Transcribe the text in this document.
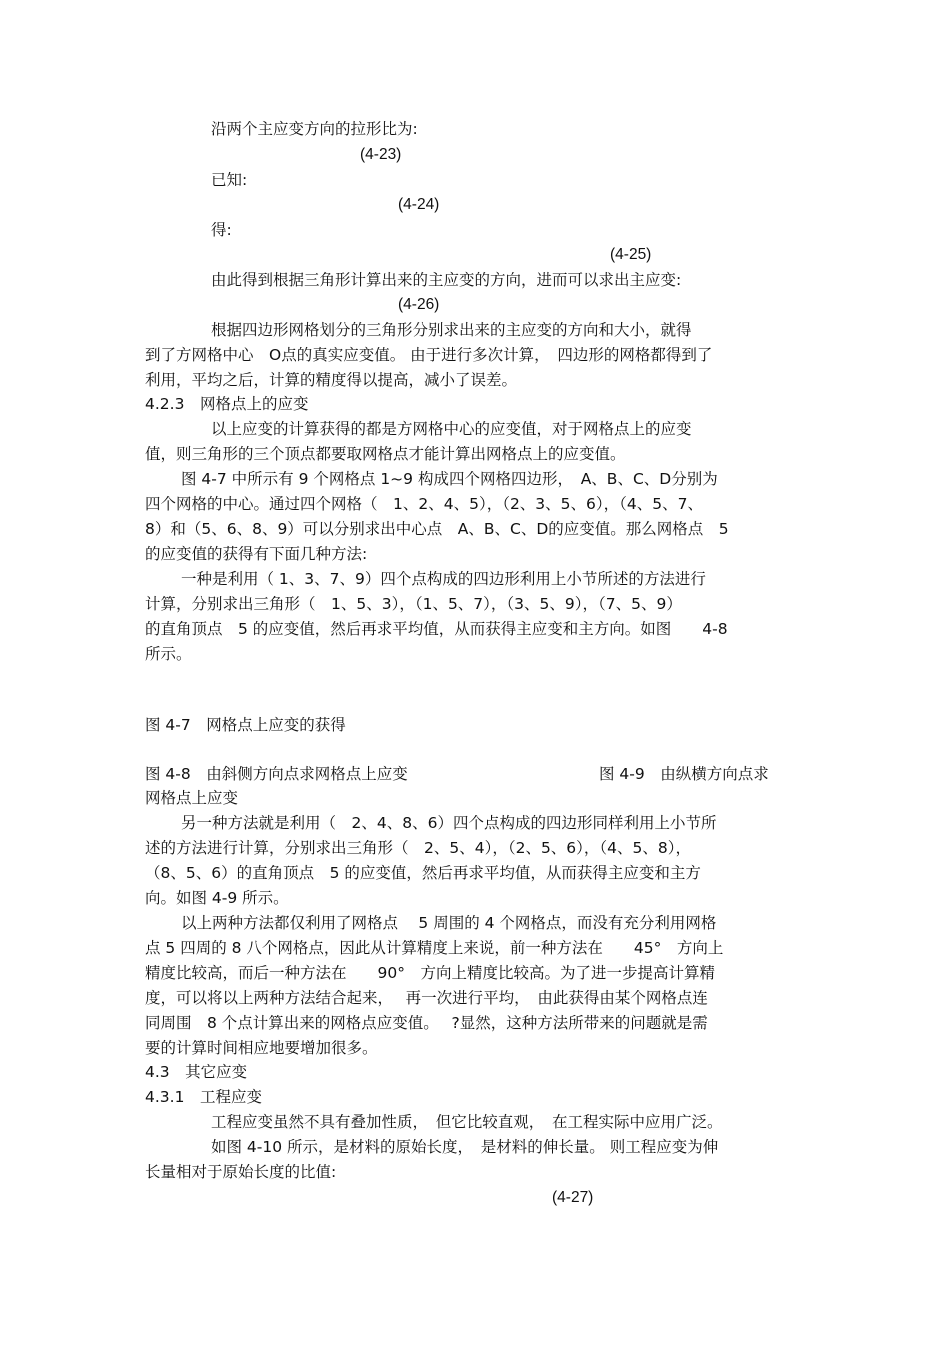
沿两个主应变方向的拉形比为:
(4-23)
已知:
(4-24)
得:
(4-25)
由此得到根据三角形计算出来的主应变的方向，进而可以求出主应变:
(4-26)
根据四边形网格划分的三角形分别求出来的主应变的方向和大小，就得
到了方网格中心　O点的真实应变值。 由于进行多次计算，　四边形的网格都得到了
利用，平均之后，计算的精度得以提高，减小了误差。
4.2.3　网格点上的应变
以上应变的计算获得的都是方网格中心的应变值，对于网格点上的应变
值，则三角形的三个顶点都要取网格点才能计算出网格点上的应变值。
图 4-7 中所示有 9 个网格点 1~9 构成四个网格四边形，　A、B、C、D分别为
四个网格的中心。通过四个网格（　1、2、4、5），（2、3、5、6），（4、5、7、
8）和（5、6、8、9）可以分别求出中心点　A、B、C、D的应变值。那么网格点　5
的应变值的获得有下面几种方法:
一种是利用（ 1、3、7、9）四个点构成的四边形利用上小节所述的方法进行
计算，分别求出三角形（　1、5、3），（1、5、7），（3、5、9），（7、5、9）
的直角顶点　5 的应变值，然后再求平均值，从而获得主应变和主方向。如图　　4-8
所示。
图 4-7　网格点上应变的获得
图 4-8　由斜侧方向点求网格点上应变	图 4-9　由纵横方向点求
网格点上应变
另一种方法就是利用（　2、4、8、6）四个点构成的四边形同样利用上小节所
述的方法进行计算，分别求出三角形（　2、5、4），（2、5、6），（4、5、8），
（8、5、6）的直角顶点　5 的应变值，然后再求平均值，从而获得主应变和主方
向。如图 4-9 所示。
以上两种方法都仅利用了网格点　 5 周围的 4 个网格点，而没有充分利用网格
点 5 四周的 8 八个网格点，因此从计算精度上来说，前一种方法在　　45°　方向上
精度比较高，而后一种方法在　　90°　方向上精度比较高。为了进一步提高计算精
度，可以将以上两种方法结合起来，　 再一次进行平均，　由此获得由某个网格点连
同周围　8 个点计算出来的网格点应变值。　 ?显然，这种方法所带来的问题就是需
要的计算时间相应地要增加很多。
4.3　其它应变
4.3.1　工程应变
工程应变虽然不具有叠加性质，　但它比较直观，　在工程实际中应用广泛。
如图 4-10 所示，是材料的原始长度，　是材料的伸长量。 则工程应变为伸
长量相对于原始长度的比值:
(4-27)
